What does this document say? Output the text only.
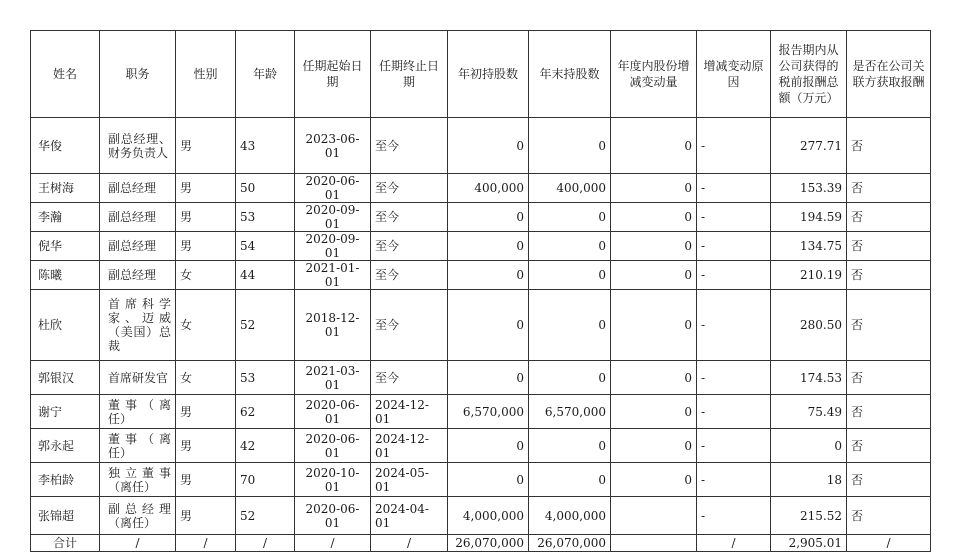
姓名	职务	性别	年龄	任期起始日期	任期终止日期	年初持股数	年末持股数	年度内股份增减变动量	增减变动原因	报告期内从公司获得的税前报酬总额（万元）	是否在公司关联方获取报酬
华俊	副总经理、财务负责人	男	43	2023-06-01	至今	0	0	0	-	277.71	否
王树海	副总经理	男	50	2020-06-01	至今	400,000	400,000	0	-	153.39	否
李瀚	副总经理	男	53	2020-09-01	至今	0	0	0	-	194.59	否
倪华	副总经理	男	54	2020-09-01	至今	0	0	0	-	134.75	否
陈曦	副总经理	女	44	2021-01-01	至今	0	0	0	-	210.19	否
杜欣	首席科学家、迈威（美国）总裁	女	52	2018-12-01	至今	0	0	0	-	280.50	否
郭银汉	首席研发官	女	53	2021-03-01	至今	0	0	0	-	174.53	否
谢宁	董事（离任）	男	62	2020-06-01	2024-12-01	6,570,000	6,570,000	0	-	75.49	否
郭永起	董事（离任）	男	42	2020-06-01	2024-12-01	0	0	0	-	0	否
李柏龄	独立董事（离任）	男	70	2020-10-01	2024-05-01	0	0	0	-	18	否
张锦超	副总经理（离任）	男	52	2020-06-01	2024-04-01	4,000,000	4,000,000		-	215.52	否
合计	/	/	/	/	/	26,070,000	26,070,000		/	2,905.01	/
